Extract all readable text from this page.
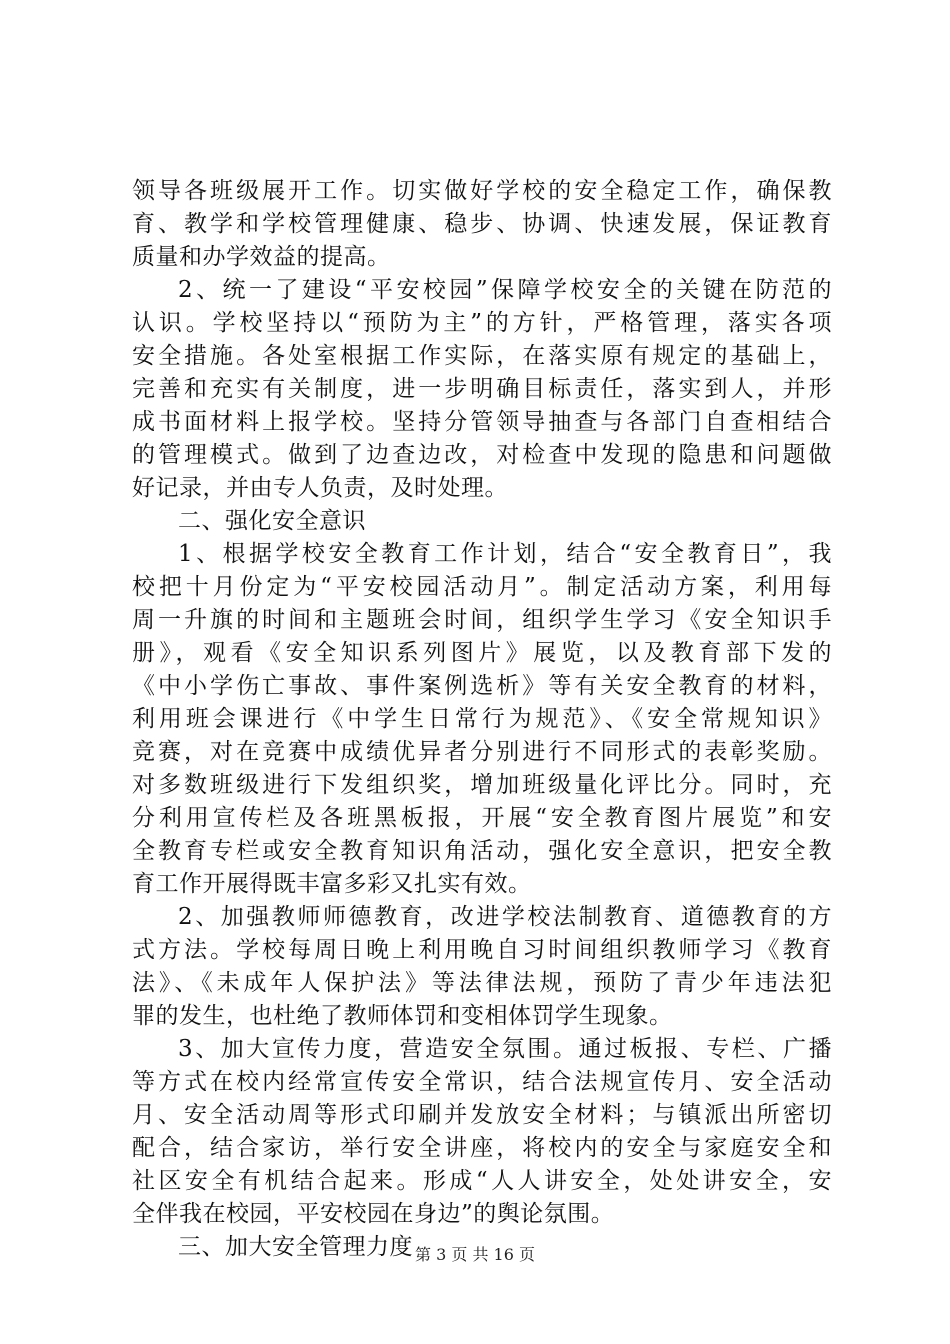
领导各班级展开工作。切实做好学校的安全稳定工作，确保教
育、教学和学校管理健康、稳步、协调、快速发展，保证教育
质量和办学效益的提高。
2、统一了建设“平安校园”保障学校安全的关键在防范的
认识。学校坚持以“预防为主”的方针，严格管理，落实各项
安全措施。各处室根据工作实际，在落实原有规定的基础上，
完善和充实有关制度，进一步明确目标责任，落实到人，并形
成书面材料上报学校。坚持分管领导抽查与各部门自查相结合
的管理模式。做到了边查边改，对检查中发现的隐患和问题做
好记录，并由专人负责，及时处理。
二、强化安全意识
1、根据学校安全教育工作计划，结合“安全教育日”，我
校把十月份定为“平安校园活动月”。制定活动方案，利用每
周一升旗的时间和主题班会时间，组织学生学习《安全知识手
册》，观看《安全知识系列图片》展览，以及教育部下发的
《中小学伤亡事故、事件案例选析》等有关安全教育的材料，
利用班会课进行《中学生日常行为规范》、《安全常规知识》
竞赛，对在竞赛中成绩优异者分别进行不同形式的表彰奖励。
对多数班级进行下发组织奖，增加班级量化评比分。同时，充
分利用宣传栏及各班黑板报，开展“安全教育图片展览”和安
全教育专栏或安全教育知识角活动，强化安全意识，把安全教
育工作开展得既丰富多彩又扎实有效。
2、加强教师师德教育，改进学校法制教育、道德教育的方
式方法。学校每周日晚上利用晚自习时间组织教师学习《教育
法》、《未成年人保护法》等法律法规，预防了青少年违法犯
罪的发生，也杜绝了教师体罚和变相体罚学生现象。
3、加大宣传力度，营造安全氛围。通过板报、专栏、广播
等方式在校内经常宣传安全常识，结合法规宣传月、安全活动
月、安全活动周等形式印刷并发放安全材料；与镇派出所密切
配合，结合家访，举行安全讲座，将校内的安全与家庭安全和
社区安全有机结合起来。形成“人人讲安全，处处讲安全，安
全伴我在校园，平安校园在身边”的舆论氛围。
三、加大安全管理力度 第 3 页 共 16 页
